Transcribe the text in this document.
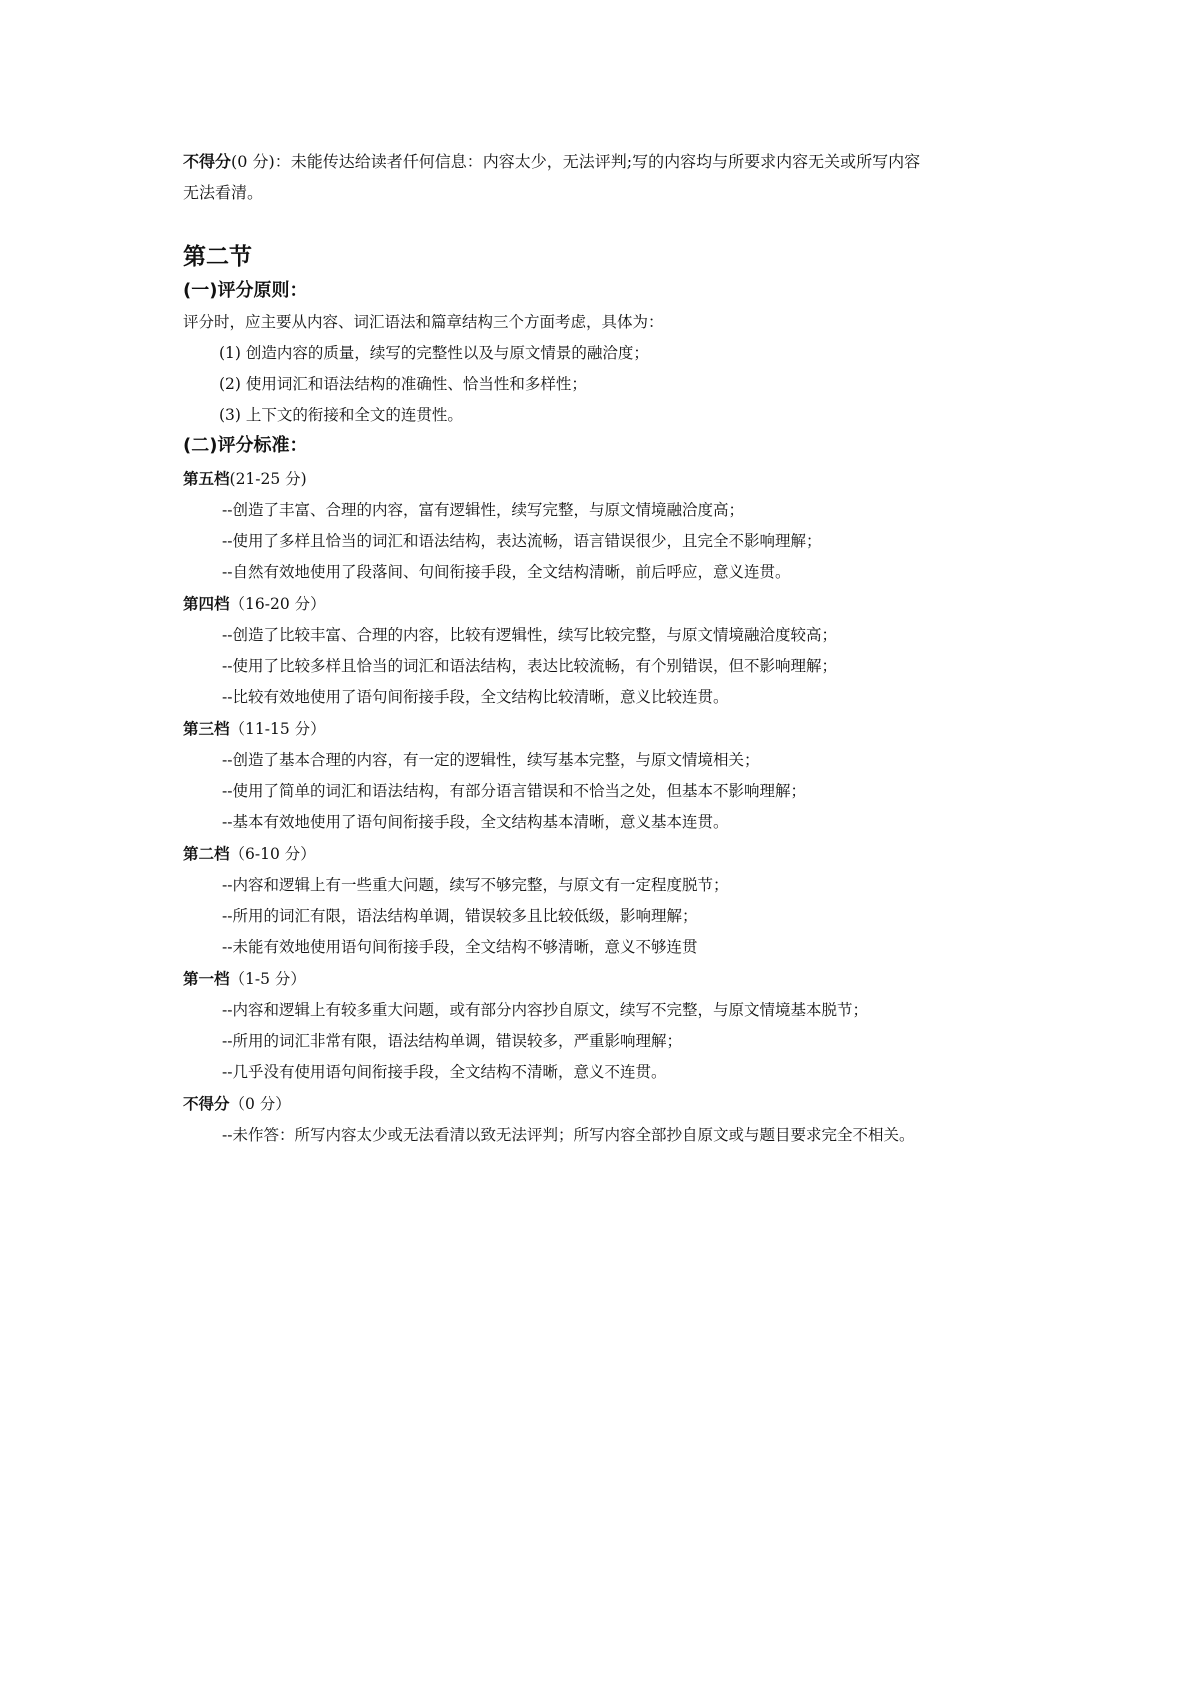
不得分(0 分)：未能传达给读者仟何信息：内容太少，无法评判;写的内容均与所要求内容无关或所写内容
无法看清。
第二节
(一)评分原则：
评分时，应主要从内容、词汇语法和篇章结构三个方面考虑，具体为：
(1) 创造内容的质量，续写的完整性以及与原文情景的融洽度；
(2) 使用词汇和语法结构的准确性、恰当性和多样性；
(3) 上下文的衔接和全文的连贯性。
(二)评分标准：
第五档(21-25 分)
--创造了丰富、合理的内容，富有逻辑性，续写完整，与原文情境融洽度高；
--使用了多样且恰当的词汇和语法结构，表达流畅，语言错误很少，且完全不影响理解；
--自然有效地使用了段落间、句间衔接手段，全文结构清晰，前后呼应，意义连贯。
第四档（16-20 分）
--创造了比较丰富、合理的内容，比较有逻辑性，续写比较完整，与原文情境融洽度较高；
--使用了比较多样且恰当的词汇和语法结构，表达比较流畅，有个别错误，但不影响理解；
--比较有效地使用了语句间衔接手段，全文结构比较清晰，意义比较连贯。
第三档（11-15 分）
--创造了基本合理的内容，有一定的逻辑性，续写基本完整，与原文情境相关；
--使用了简单的词汇和语法结构，有部分语言错误和不恰当之处，但基本不影响理解；
--基本有效地使用了语句间衔接手段，全文结构基本清晰，意义基本连贯。
第二档（6-10 分）
--内容和逻辑上有一些重大问题，续写不够完整，与原文有一定程度脱节；
--所用的词汇有限，语法结构单调，错误较多且比较低级，影响理解；
--未能有效地使用语句间衔接手段，全文结构不够清晰，意义不够连贯
第一档（1-5 分）
--内容和逻辑上有较多重大问题，或有部分内容抄自原文，续写不完整，与原文情境基本脱节；
--所用的词汇非常有限，语法结构单调，错误较多，严重影响理解；
--几乎没有使用语句间衔接手段，全文结构不清晰，意义不连贯。
不得分（0 分）
--未作答：所写内容太少或无法看清以致无法评判；所写内容全部抄自原文或与题目要求完全不相关。
